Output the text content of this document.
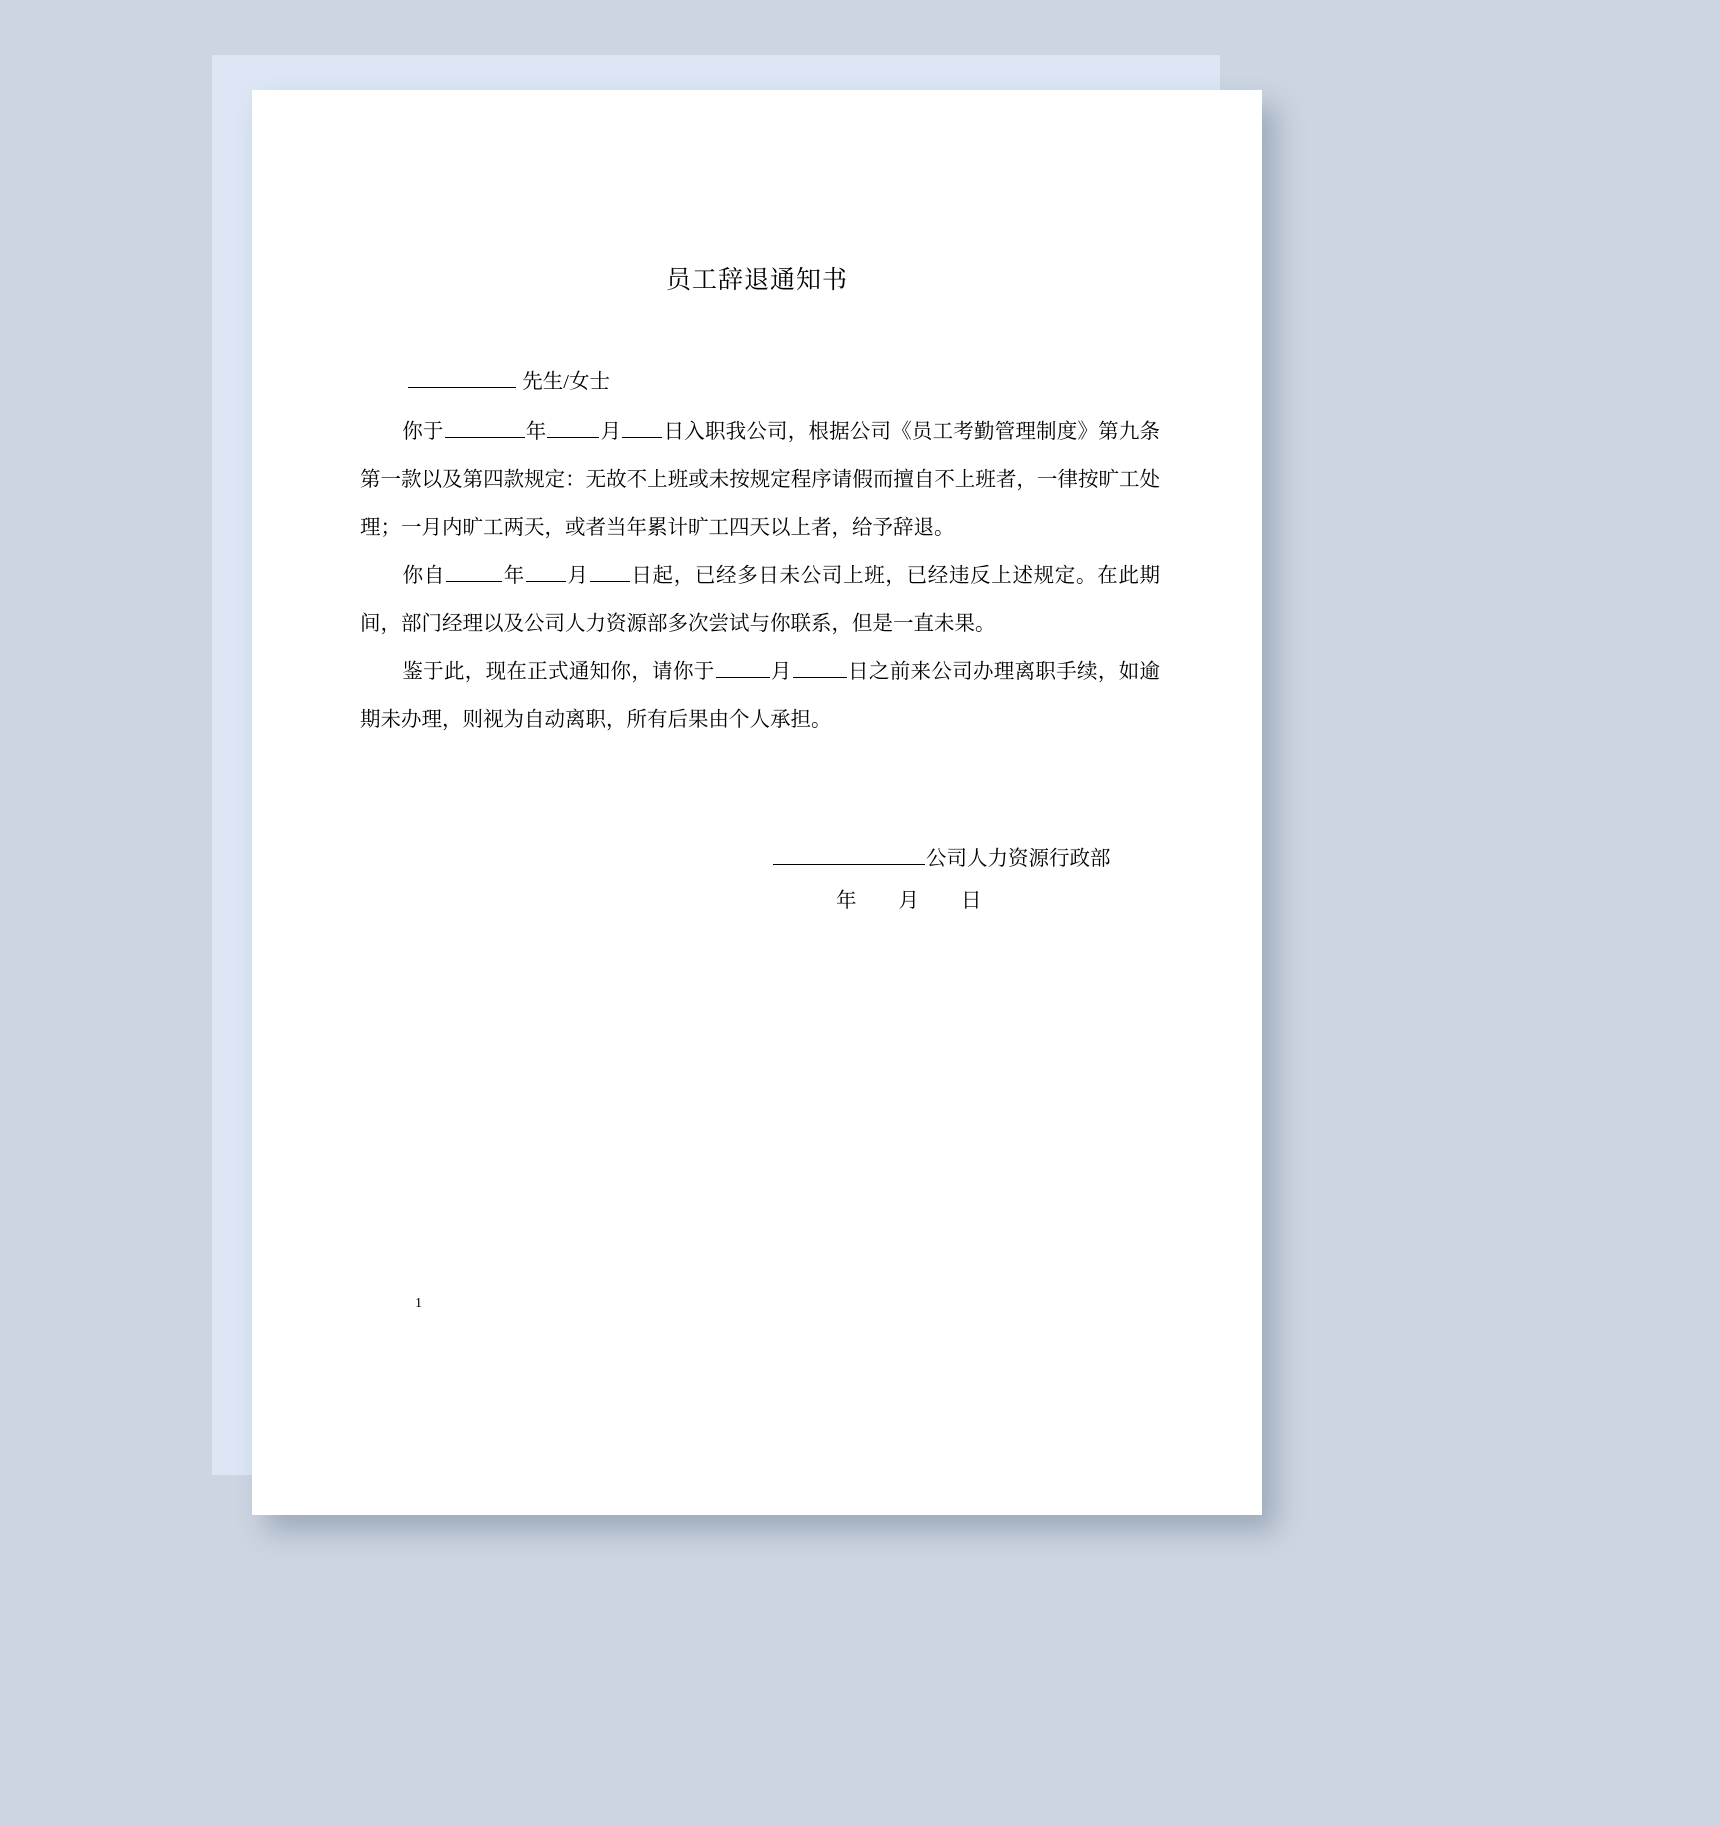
员工辞退通知书
先生/女士
你于	年	月 日入职我公司，根据公司《员工考勤管理制度》第九条第一款以及第四款规定：无故不上班或未按规定程序请假而擅自不上班者，一律按旷工处理；一月内旷工两天，或者当年累计旷工四天以上者，给予辞退。
你自	年 月 日起，已经多日未公司上班，已经违反上述规定。在此期间，部门经理以及公司人力资源部多次尝试与你联系，但是一直未果。
鉴于此，现在正式通知你，请你于	月	日之前来公司办理离职手续，如逾期未办理，则视为自动离职，所有后果由个人承担。
公司人力资源行政部
年 月 日
1
